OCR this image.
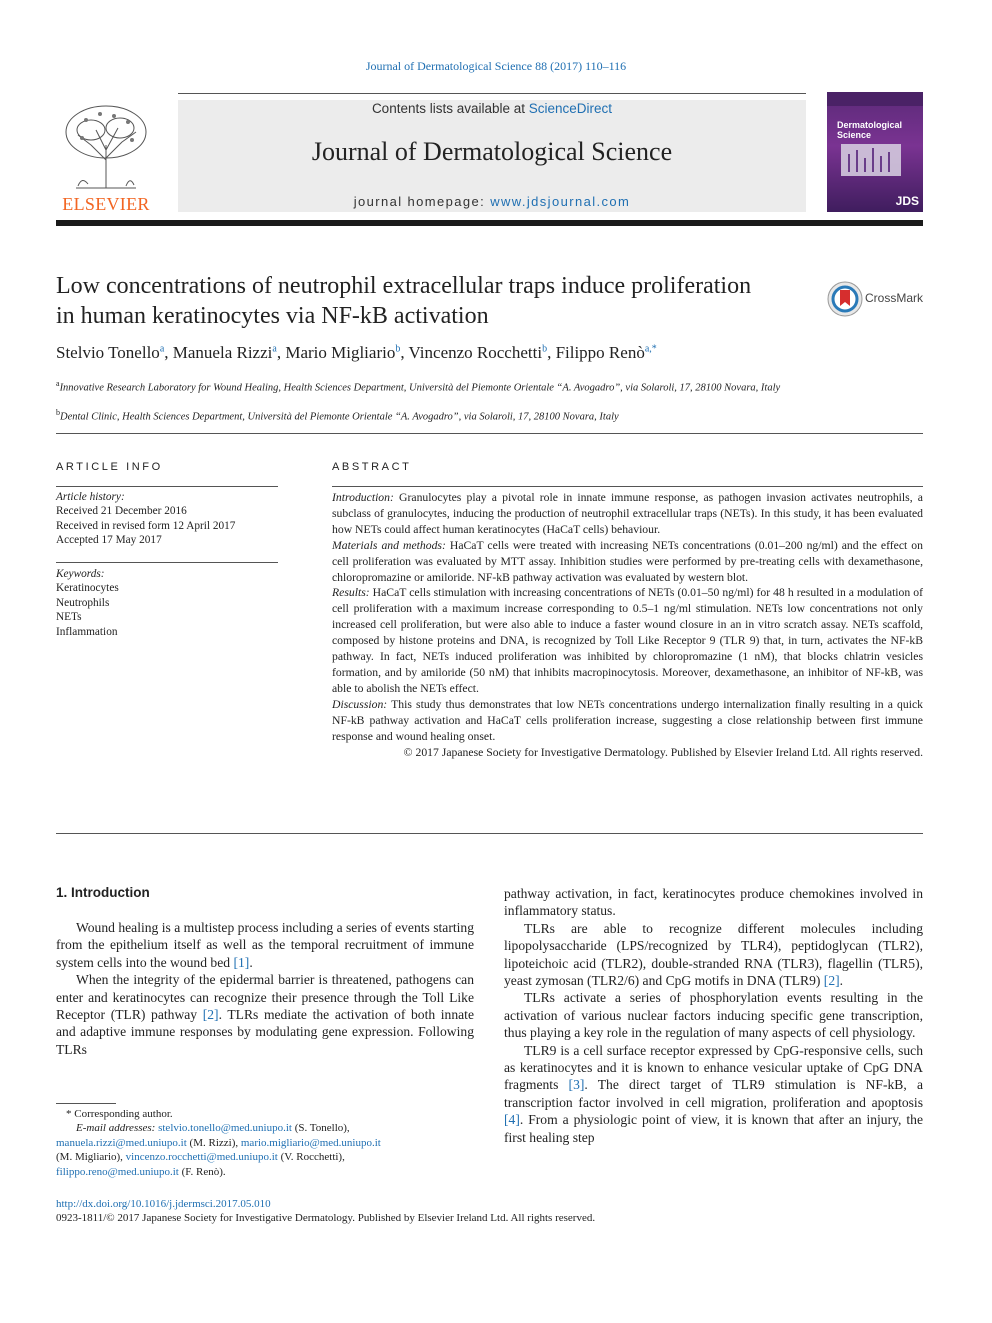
Journal of Dermatological Science 88 (2017) 110–116
ELSEVIER
Contents lists available at ScienceDirect
Journal of Dermatological Science
journal homepage: www.jdsjournal.com
Dermatological Science
JDS
Low concentrations of neutrophil extracellular traps induce proliferation in human keratinocytes via NF-kB activation
CrossMark
Stelvio Tonello$^a$, Manuela Rizzi$^a$, Mario Migliario$^b$, Vincenzo Rocchetti$^b$, Filippo Renò$^{a,*}$
$^a$Innovative Research Laboratory for Wound Healing, Health Sciences Department, Università del Piemonte Orientale “A. Avogadro”, via Solaroli, 17, 28100 Novara, Italy
$^b$Dental Clinic, Health Sciences Department, Università del Piemonte Orientale “A. Avogadro”, via Solaroli, 17, 28100 Novara, Italy
ARTICLE INFO
Article history:
Received 21 December 2016
Received in revised form 12 April 2017
Accepted 17 May 2017
Keywords:
Keratinocytes
Neutrophils
NETs
Inflammation
ABSTRACT

Introduction: Granulocytes play a pivotal role in innate immune response, as pathogen invasion activates neutrophils, a subclass of granulocytes, inducing the production of neutrophil extracellular traps (NETs). In this study, it has been evaluated how NETs could affect human keratinocytes (HaCaT cells) behaviour.

Materials and methods: HaCaT cells were treated with increasing NETs concentrations (0.01–200 ng/ml) and the effect on cell proliferation was evaluated by MTT assay. Inhibition studies were performed by pre-treating cells with dexamethasone, chloropromazine or amiloride. NF-kB pathway activation was evaluated by western blot.

Results: HaCaT cells stimulation with increasing concentrations of NETs (0.01–50 ng/ml) for 48 h resulted in a modulation of cell proliferation with a maximum increase corresponding to 0.5–1 ng/ml stimulation. NETs low concentrations not only increased cell proliferation, but were also able to induce a faster wound closure in an in vitro scratch assay. NETs scaffold, composed by histone proteins and DNA, is recognized by Toll Like Receptor 9 (TLR 9) that, in turn, activates the NF-kB pathway. In fact, NETs induced proliferation was inhibited by chloropromazine (1 nM), that blocks chlatrin vesicles formation, and by amiloride (50 nM) that inhibits macropinocytosis. Moreover, dexamethasone, an inhibitor of NF-kB, was able to abolish the NETs effect.

Discussion: This study thus demonstrates that low NETs concentrations undergo internalization finally resulting in a quick NF-kB pathway activation and HaCaT cells proliferation increase, suggesting a close relationship between first immune response and wound healing onset.

© 2017 Japanese Society for Investigative Dermatology. Published by Elsevier Ireland Ltd. All rights reserved.

1. Introduction

Wound healing is a multistep process including a series of events starting from the epithelium itself as well as the temporal recruitment of immune system cells into the wound bed [1].

When the integrity of the epidermal barrier is threatened, pathogens can enter and keratinocytes can recognize their presence through the Toll Like Receptor (TLR) pathway [2]. TLRs mediate the activation of both innate and adaptive immune responses by modulating gene expression. Following TLRs

pathway activation, in fact, keratinocytes produce chemokines involved in inflammatory status.

TLRs are able to recognize different molecules including lipopolysaccharide (LPS/recognized by TLR4), peptidoglycan (TLR2), lipoteichoic acid (TLR2), double-stranded RNA (TLR3), flagellin (TLR5), yeast zymosan (TLR2/6) and CpG motifs in DNA (TLR9) [2].

TLRs activate a series of phosphorylation events resulting in the activation of various nuclear factors inducing specific gene transcription, thus playing a key role in the regulation of many aspects of cell physiology.

TLR9 is a cell surface receptor expressed by CpG-responsive cells, such as keratinocytes and it is known to enhance vesicular uptake of CpG DNA fragments [3]. The direct target of TLR9 stimulation is NF-kB, a transcription factor involved in cell migration, proliferation and apoptosis [4]. From a physiologic point of view, it is known that after an injury, the first healing step

* Corresponding author.
E-mail addresses: stelvio.tonello@med.uniupo.it (S. Tonello),
manuela.rizzi@med.uniupo.it (M. Rizzi), mario.migliario@med.uniupo.it
(M. Migliario), vincenzo.rocchetti@med.uniupo.it (V. Rocchetti),
filippo.reno@med.uniupo.it (F. Renò).
http://dx.doi.org/10.1016/j.jdermsci.2017.05.010
0923-1811/© 2017 Japanese Society for Investigative Dermatology. Published by Elsevier Ireland Ltd. All rights reserved.
